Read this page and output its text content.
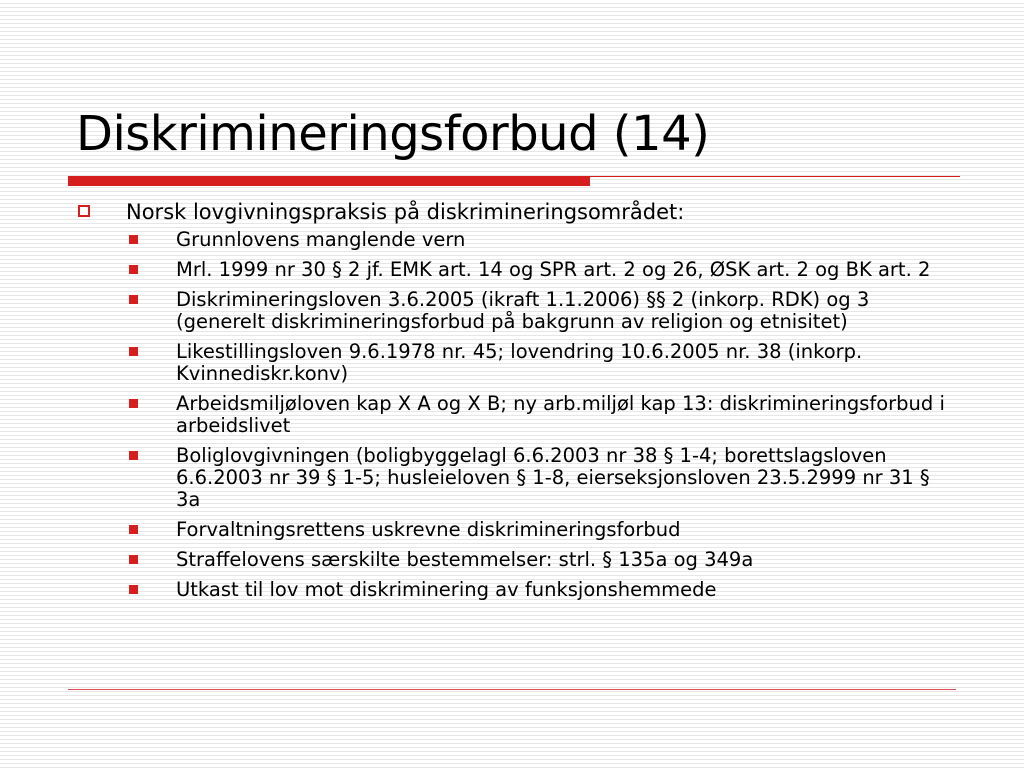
Diskrimineringsforbud (14)
Norsk lovgivningspraksis på diskrimineringsområdet:
Grunnlovens manglende vern
Mrl. 1999 nr 30 § 2 jf. EMK art. 14 og SPR art. 2 og 26, ØSK art. 2 og BK art. 2
Diskrimineringsloven 3.6.2005 (ikraft 1.1.2006) §§ 2 (inkorp. RDK) og 3 (generelt diskrimineringsforbud på bakgrunn av religion og etnisitet)
Likestillingsloven 9.6.1978 nr. 45; lovendring 10.6.2005 nr. 38 (inkorp. Kvinnediskr.konv)
Arbeidsmiljøloven kap X A og X B; ny arb.miljøl kap 13: diskrimineringsforbud i arbeidslivet
Boliglovgivningen (boligbyggelagl 6.6.2003 nr 38 § 1-4; borettslagsloven 6.6.2003 nr 39 § 1-5; husleieloven § 1-8, eierseksjonsloven 23.5.2999 nr 31 § 3a
Forvaltningsrettens uskrevne diskrimineringsforbud
Straffelovens særskilte bestemmelser: strl. § 135a og 349a
Utkast til lov mot diskriminering av funksjonshemmede
